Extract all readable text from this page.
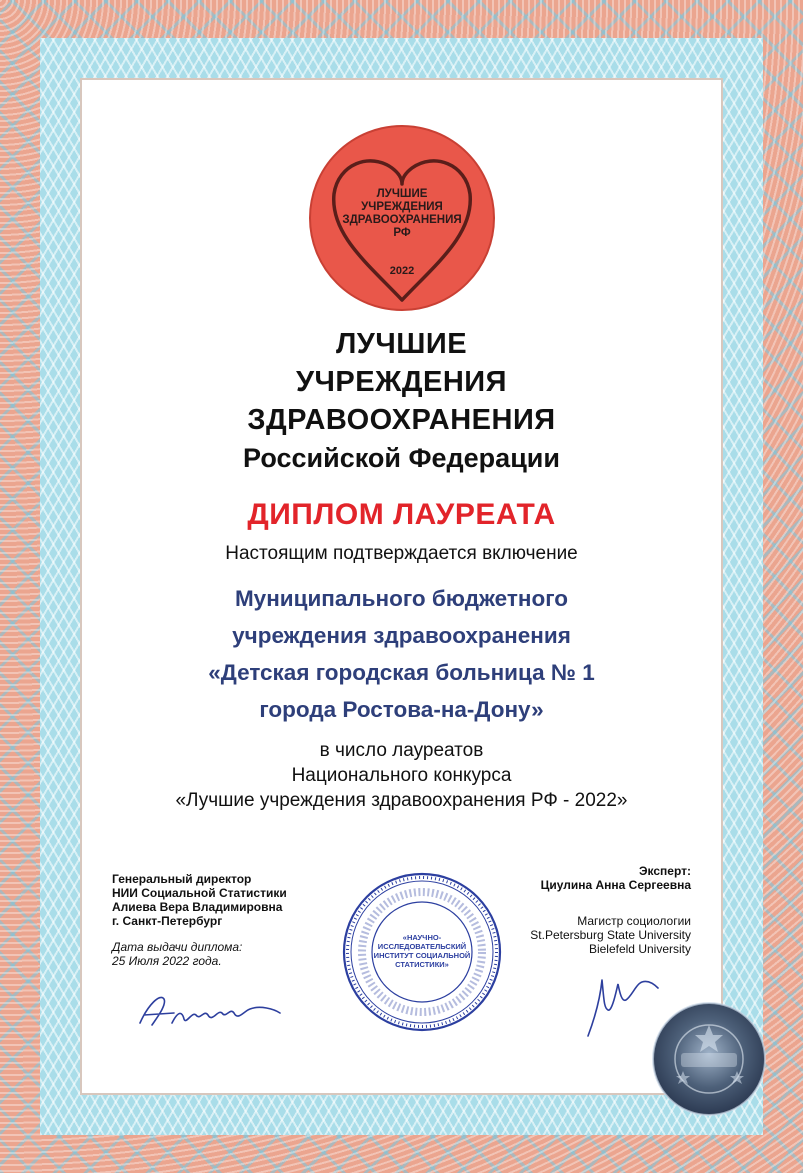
ЛУЧШИЕ
УЧРЕЖДЕНИЯ
ЗДРАВООХРАНЕНИЯ
РФ
2022
ЛУЧШИЕ
УЧРЕЖДЕНИЯ
ЗДРАВООХРАНЕНИЯ
Российской Федерации
ДИПЛОМ ЛАУРЕАТА
Настоящим подтверждается включение
Муниципального бюджетного
учреждения здравоохранения
«Детская городская больница № 1
города Ростова-на-Дону»
в число лауреатов
Национального конкурса
«Лучшие учреждения здравоохранения РФ - 2022»
Генеральный директор
НИИ Социальной Статистики
Алиева Вера Владимировна
г. Санкт-Петербург
Дата выдачи диплома:
25 Июля 2022 года.
«НАУЧНО-ИССЛЕДОВАТЕЛЬСКИЙ
ИНСТИТУТ СОЦИАЛЬНОЙ
СТАТИСТИКИ»
Эксперт:
Циулина Анна Сергеевна
Магистр социологии
St.Petersburg State University
Bielefeld University
